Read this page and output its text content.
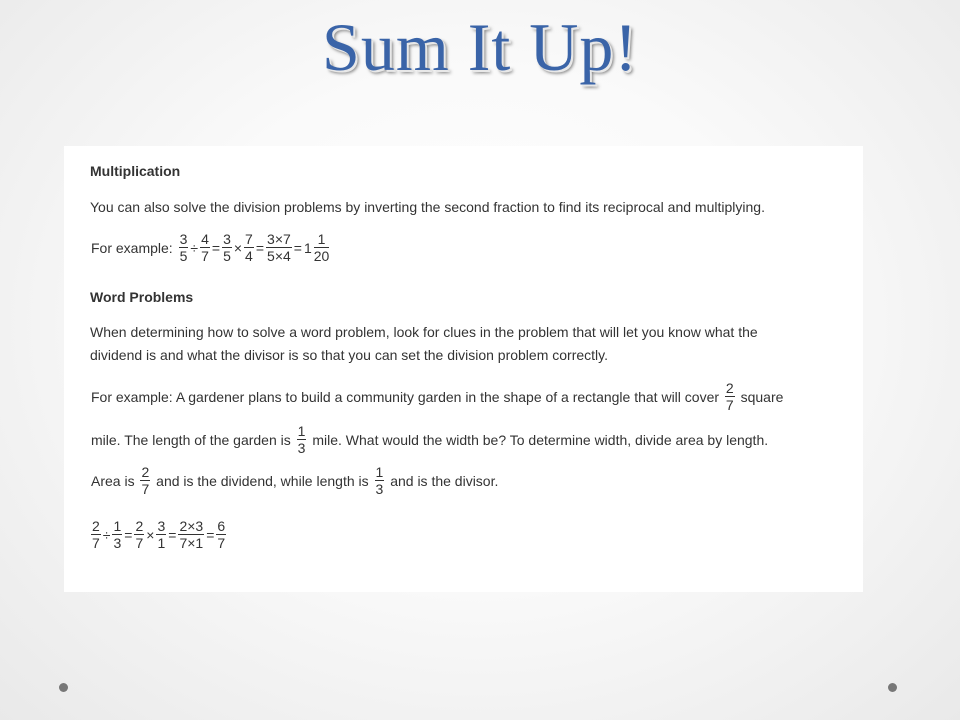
Sum It Up!
Multiplication
You can also solve the division problems by inverting the second fraction to find its reciprocal and multiplying.
For example: $\frac{3}{5} \div \frac{4}{7} = \frac{3}{5} \times \frac{7}{4} = \frac{3\times 7}{5\times 4} = 1 \frac{1}{20}$
Word Problems
When determining how to solve a word problem, look for clues in the problem that will let you know what the
dividend is and what the divisor is so that you can set the division problem correctly.
For example: A gardener plans to build a community garden in the shape of a rectangle that will cover $\frac{2}{7}$ square
mile. The length of the garden is $\frac{1}{3}$ mile. What would the width be? To determine width, divide area by length.
Area is $\frac{2}{7}$ and is the dividend, while length is $\frac{1}{3}$ and is the divisor.
$\frac{2}{7} \div \frac{1}{3} = \frac{2}{7} \times \frac{3}{1} = \frac{2\times 3}{7\times 1} = \frac{6}{7}$
